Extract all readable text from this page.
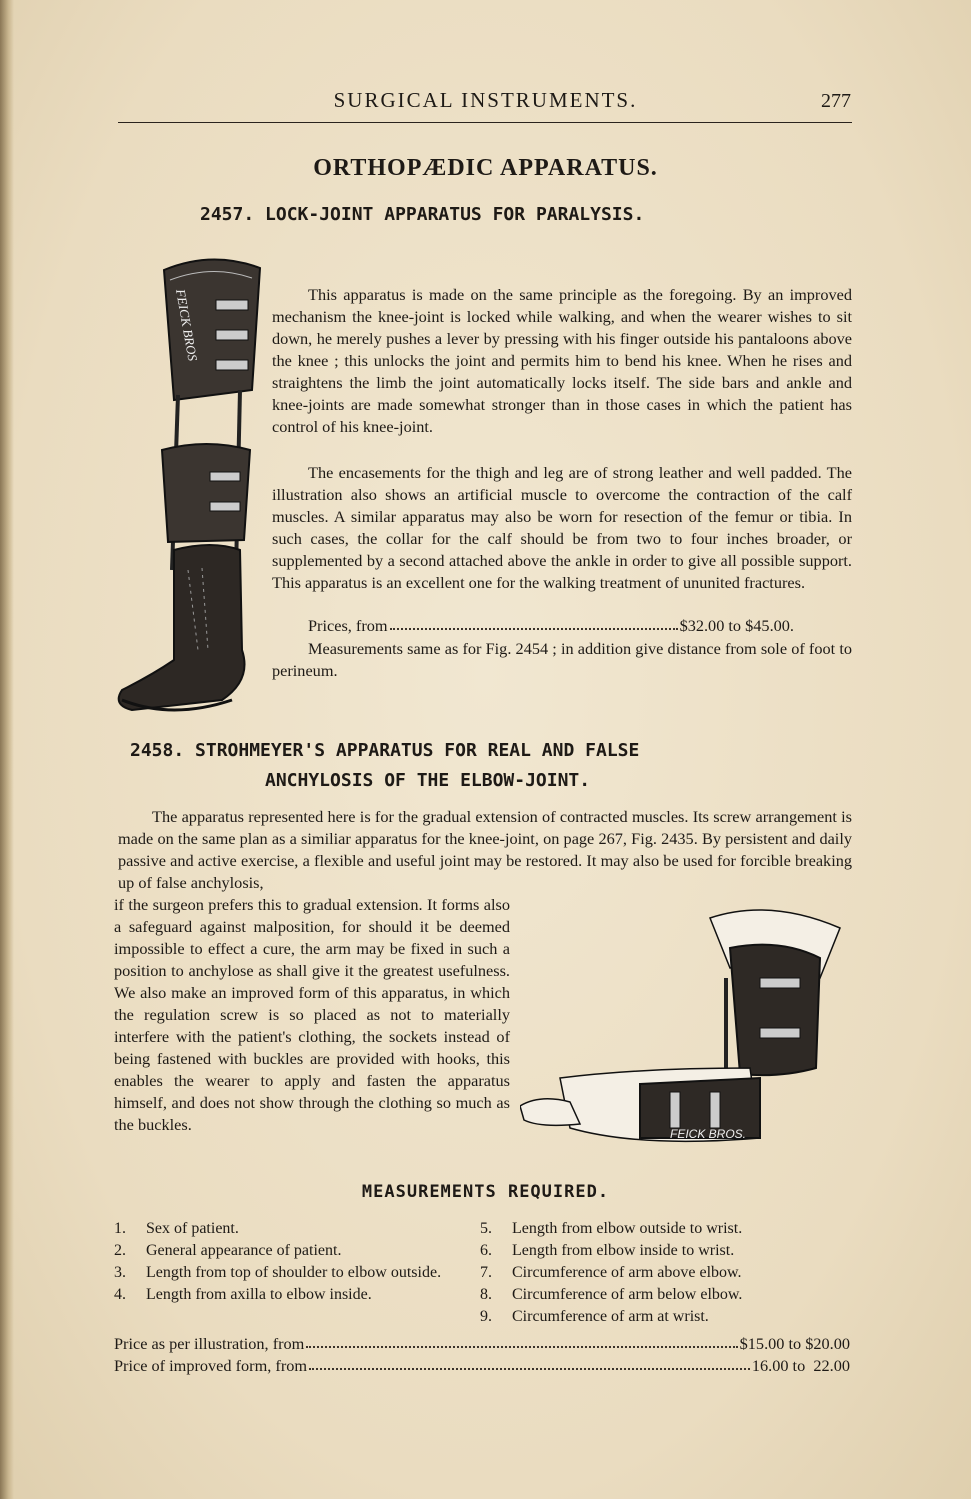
SURGICAL INSTRUMENTS.	277
ORTHOPÆDIC APPARATUS.
2457. LOCK-JOINT APPARATUS FOR PARALYSIS.
FEICK BROS	This apparatus is made on the same principle as the foregoing. By an improved mechanism the knee-joint is locked while walking, and when the wearer wishes to sit down, he merely pushes a lever by pressing with his finger outside his pantaloons above the knee ; this unlocks the joint and permits him to bend his knee. When he rises and straightens the limb the joint automatically locks itself. The side bars and ankle and knee-joints are made somewhat stronger than in those cases in which the patient has control of his knee-joint.
The encasements for the thigh and leg are of strong leather and well padded. The illustration also shows an artificial muscle to overcome the contraction of the calf muscles. A similar apparatus may also be worn for resection of the femur or tibia. In such cases, the collar for the calf should be from two to four inches broader, or supplemented by a second attached above the ankle in order to give all possible support. This apparatus is an excellent one for the walking treatment of ununited fractures.
Prices, from	$32.00 to $45.00.
Measurements same as for Fig. 2454 ; in addition give distance from sole of foot to perineum.
2458. STROHMEYER'S APPARATUS FOR REAL AND FALSE
ANCHYLOSIS OF THE ELBOW-JOINT.
The apparatus represented here is for the gradual extension of contracted muscles. Its screw arrangement is made on the same plan as a similiar apparatus for the knee-joint, on page 267, Fig. 2435. By persistent and daily passive and active exercise, a flexible and useful joint may be restored. It may also be used for forcible breaking up of false anchylosis,
if the surgeon prefers this to gradual extension. It forms also a safeguard against malposition, for should it be deemed impossible to effect a cure, the arm may be fixed in such a position to anchylose as shall give it the greatest usefulness. We also make an improved form of this apparatus, in which the regulation screw is so placed as not to materially interfere with the patient's clothing, the sockets instead of being fastened with buckles are provided with hooks, this enables the wearer to apply and fasten the apparatus himself, and does not show through the clothing so much as the buckles.	FEICK BROS.
MEASUREMENTS REQUIRED.
1.	Sex of patient.
2.	General appearance of patient.
3.	Length from top of shoulder to elbow outside.
4.	Length from axilla to elbow inside.
5.	Length from elbow outside to wrist.
6.	Length from elbow inside to wrist.
7.	Circumference of arm above elbow.
8.	Circumference of arm below elbow.
9.	Circumference of arm at wrist.
Price as per illustration, from	$15.00 to $20.00
Price of improved form, from	16.00 to  22.00
